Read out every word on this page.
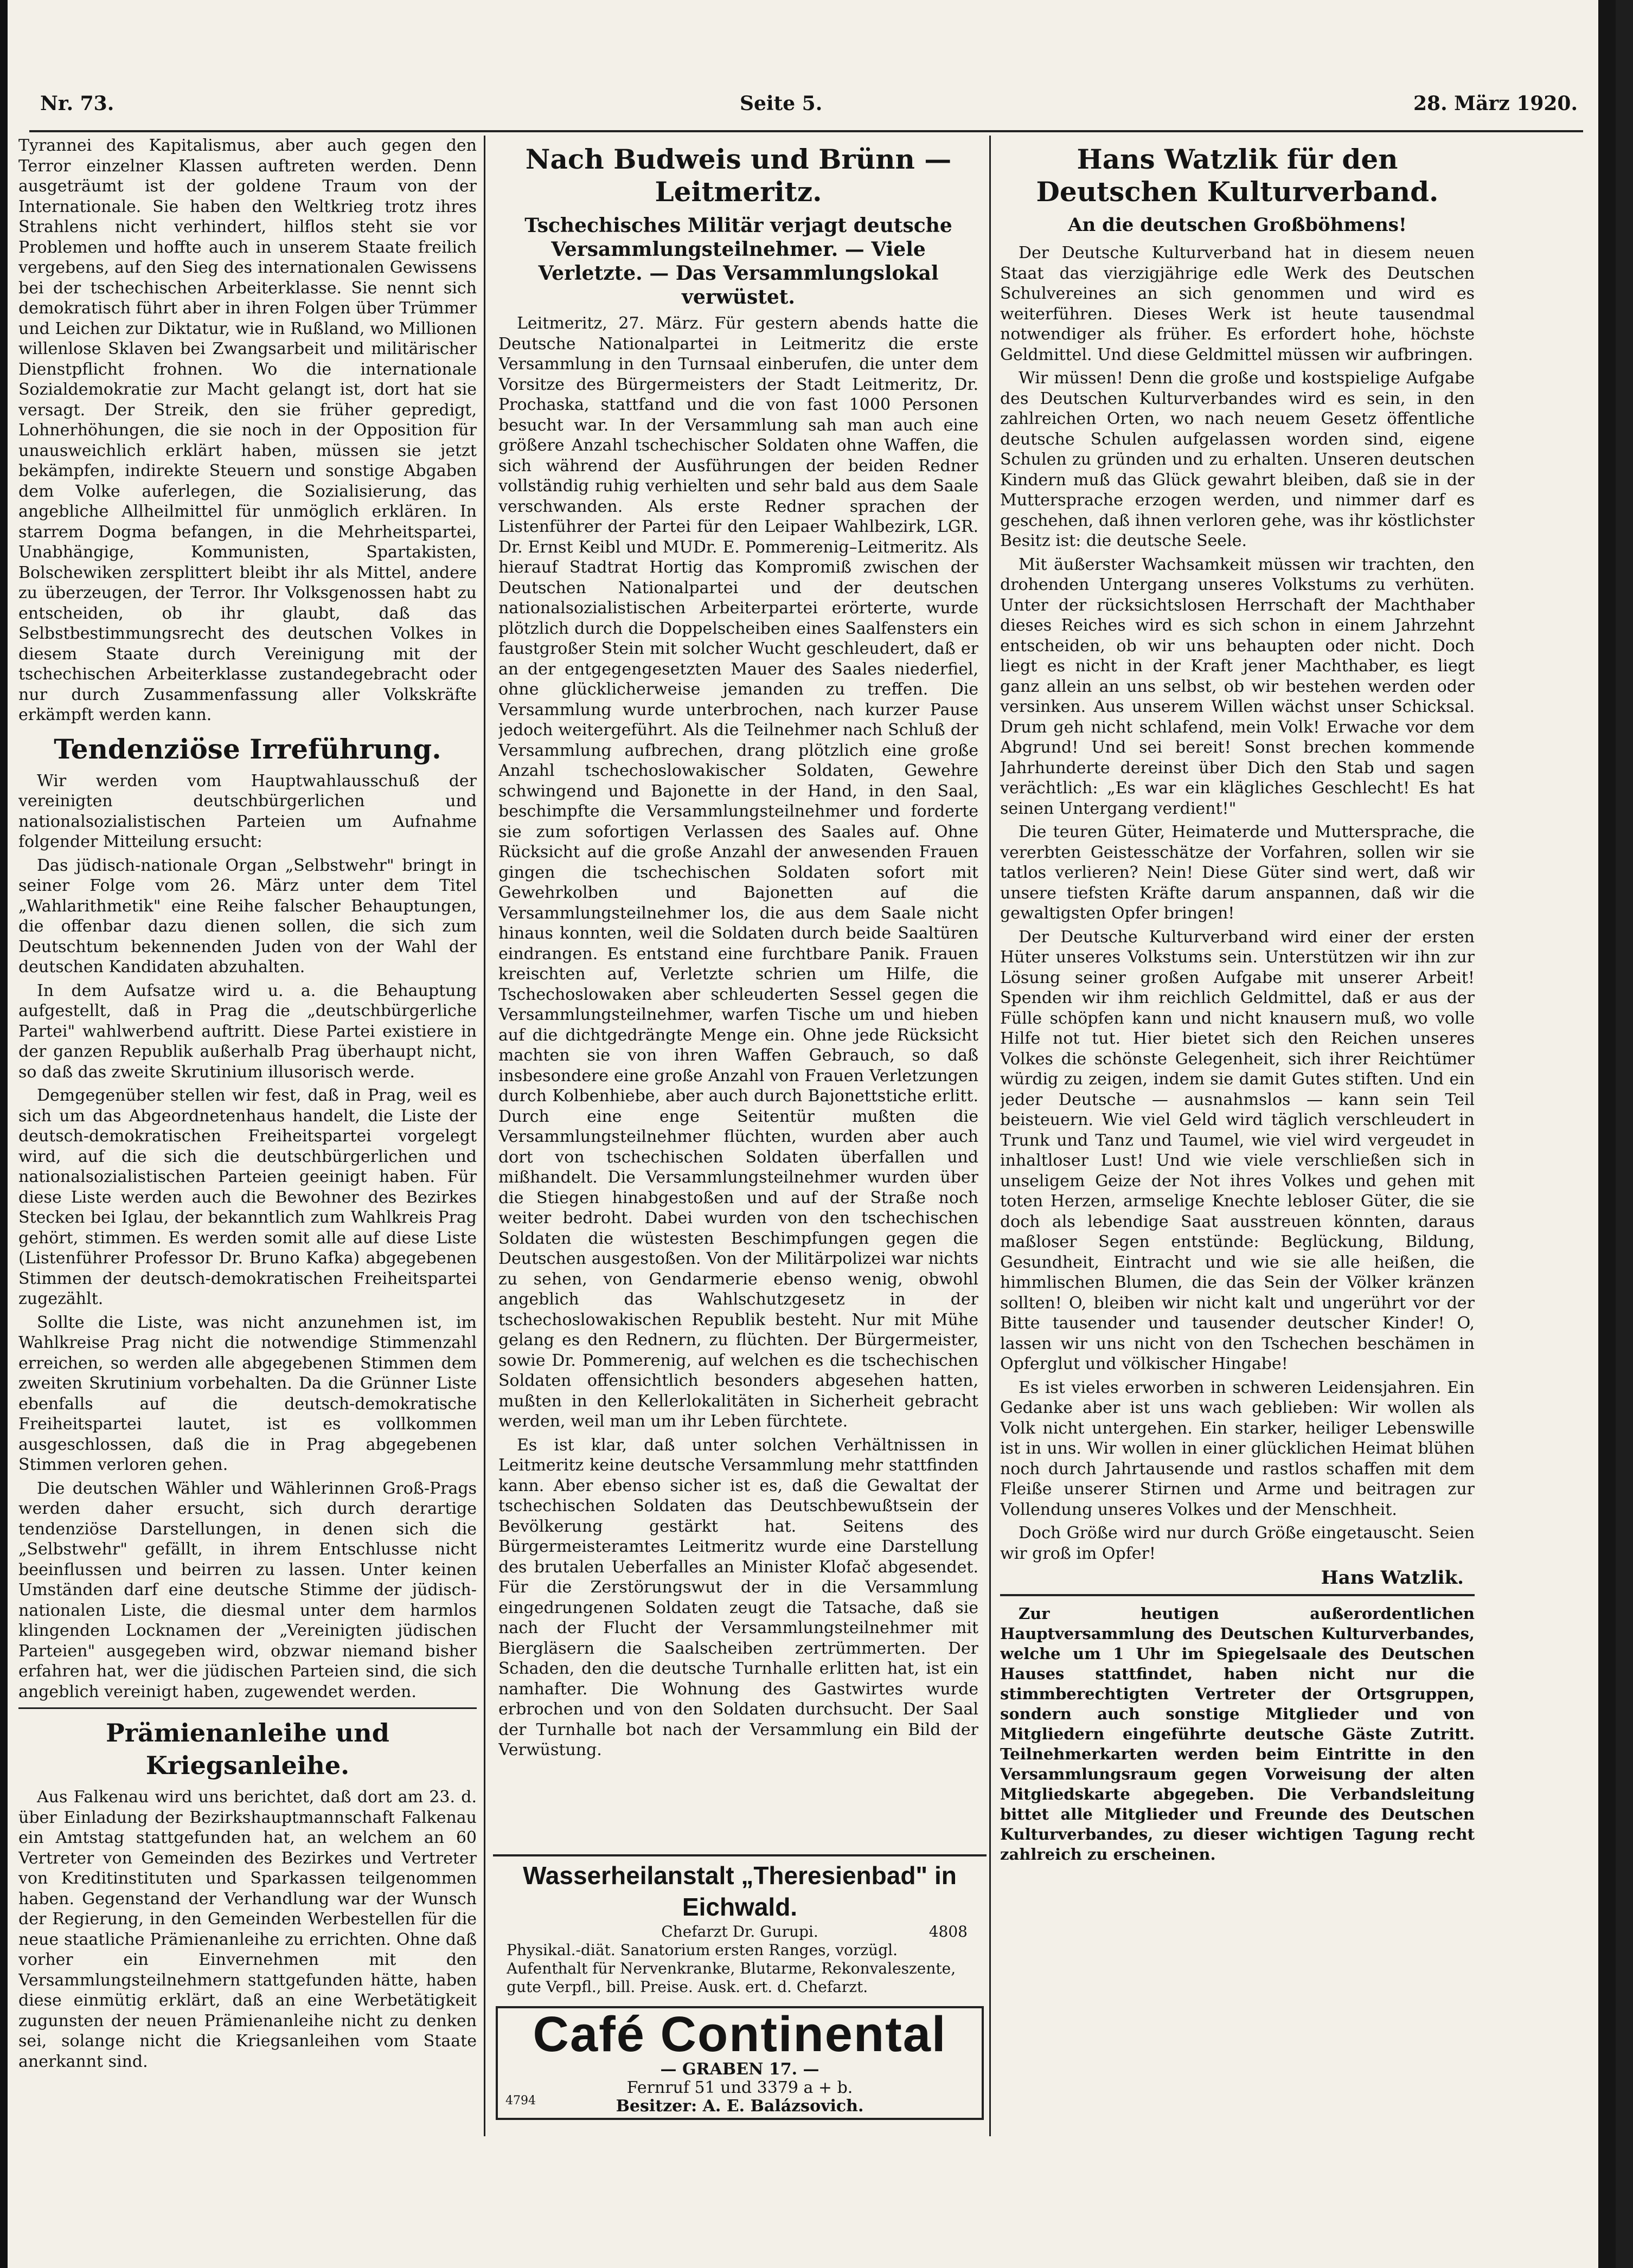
Nr. 73.	Seite 5.	28. März 1920.

Tyrannei des Kapitalismus, aber auch gegen den Terror einzelner Klassen auftreten werden. Denn ausgeträumt ist der goldene Traum von der Internationale. Sie haben den Weltkrieg trotz ihres Strahlens nicht verhindert, hilflos steht sie vor Problemen und hoffte auch in unserem Staate freilich vergebens, auf den Sieg des internationalen Gewissens bei der tschechischen Arbeiterklasse. Sie nennt sich demokratisch führt aber in ihren Folgen über Trümmer und Leichen zur Diktatur, wie in Rußland, wo Millionen willenlose Sklaven bei Zwangsarbeit und militärischer Dienstpflicht frohnen. Wo die internationale Sozialdemokratie zur Macht gelangt ist, dort hat sie versagt. Der Streik, den sie früher gepredigt, Lohnerhöhungen, die sie noch in der Opposition für unausweichlich erklärt haben, müssen sie jetzt bekämpfen, indirekte Steuern und sonstige Abgaben dem Volke auferlegen, die Sozialisierung, das angebliche Allheilmittel für unmöglich erklären. In starrem Dogma befangen, in die Mehrheitspartei, Unabhängige, Kommunisten, Spartakisten, Bolschewiken zersplittert bleibt ihr als Mittel, andere zu überzeugen, der Terror. Ihr Volksgenossen habt zu entscheiden, ob ihr glaubt, daß das Selbstbestimmungsrecht des deutschen Volkes in diesem Staate durch Vereinigung mit der tschechischen Arbeiterklasse zustandegebracht oder nur durch Zusammenfassung aller Volkskräfte erkämpft werden kann.

Tendenziöse Irreführung.

Wir werden vom Hauptwahlausschuß der vereinigten deutschbürgerlichen und nationalsozialistischen Parteien um Aufnahme folgender Mitteilung ersucht:

Das jüdisch-nationale Organ „Selbstwehr" bringt in seiner Folge vom 26. März unter dem Titel „Wahlarithmetik" eine Reihe falscher Behauptungen, die offenbar dazu dienen sollen, die sich zum Deutschtum bekennenden Juden von der Wahl der deutschen Kandidaten abzuhalten.

In dem Aufsatze wird u. a. die Behauptung aufgestellt, daß in Prag die „deutschbürgerliche Partei" wahlwerbend auftritt. Diese Partei existiere in der ganzen Republik außerhalb Prag überhaupt nicht, so daß das zweite Skrutinium illusorisch werde.

Demgegenüber stellen wir fest, daß in Prag, weil es sich um das Abgeordnetenhaus handelt, die Liste der deutsch-demokratischen Freiheitspartei vorgelegt wird, auf die sich die deutschbürgerlichen und nationalsozialistischen Parteien geeinigt haben. Für diese Liste werden auch die Bewohner des Bezirkes Stecken bei Iglau, der bekanntlich zum Wahlkreis Prag gehört, stimmen. Es werden somit alle auf diese Liste (Listenführer Professor Dr. Bruno Kafka) abgegebenen Stimmen der deutsch-demokratischen Freiheitspartei zugezählt.

Sollte die Liste, was nicht anzunehmen ist, im Wahlkreise Prag nicht die notwendige Stimmenzahl erreichen, so werden alle abgegebenen Stimmen dem zweiten Skrutinium vorbehalten. Da die Grünner Liste ebenfalls auf die deutsch-demokratische Freiheitspartei lautet, ist es vollkommen ausgeschlossen, daß die in Prag abgegebenen Stimmen verloren gehen.

Die deutschen Wähler und Wählerinnen Groß-Prags werden daher ersucht, sich durch derartige tendenziöse Darstellungen, in denen sich die „Selbstwehr" gefällt, in ihrem Entschlusse nicht beeinflussen und beirren zu lassen. Unter keinen Umständen darf eine deutsche Stimme der jüdisch-nationalen Liste, die diesmal unter dem harmlos klingenden Locknamen der „Vereinigten jüdischen Parteien" ausgegeben wird, obzwar niemand bisher erfahren hat, wer die jüdischen Parteien sind, die sich angeblich vereinigt haben, zugewendet werden.

Prämienanleihe und Kriegsanleihe.

Aus Falkenau wird uns berichtet, daß dort am 23. d. über Einladung der Bezirkshauptmannschaft Falkenau ein Amtstag stattgefunden hat, an welchem an 60 Vertreter von Gemeinden des Bezirkes und Vertreter von Kreditinstituten und Sparkassen teilgenommen haben. Gegenstand der Verhandlung war der Wunsch der Regierung, in den Gemeinden Werbestellen für die neue staatliche Prämienanleihe zu errichten. Ohne daß vorher ein Einvernehmen mit den Versammlungsteilnehmern stattgefunden hätte, haben diese einmütig erklärt, daß an eine Werbetätigkeit zugunsten der neuen Prämienanleihe nicht zu denken sei, solange nicht die Kriegsanleihen vom Staate anerkannt sind.

Nach Budweis und Brünn — Leitmeritz.
Tschechisches Militär verjagt deutsche Versammlungsteilnehmer. — Viele Verletzte. — Das Versammlungslokal verwüstet.

Leitmeritz, 27. März. Für gestern abends hatte die Deutsche Nationalpartei in Leitmeritz die erste Versammlung in den Turnsaal einberufen, die unter dem Vorsitze des Bürgermeisters der Stadt Leitmeritz, Dr. Prochaska, stattfand und die von fast 1000 Personen besucht war. In der Versammlung sah man auch eine größere Anzahl tschechischer Soldaten ohne Waffen, die sich während der Ausführungen der beiden Redner vollständig ruhig verhielten und sehr bald aus dem Saale verschwanden. Als erste Redner sprachen der Listenführer der Partei für den Leipaer Wahlbezirk, LGR. Dr. Ernst Keibl und MUDr. E. Pommerenig–Leitmeritz. Als hierauf Stadtrat Hortig das Kompromiß zwischen der Deutschen Nationalpartei und der deutschen nationalsozialistischen Arbeiterpartei erörterte, wurde plötzlich durch die Doppelscheiben eines Saalfensters ein faustgroßer Stein mit solcher Wucht geschleudert, daß er an der entgegengesetzten Mauer des Saales niederfiel, ohne glücklicherweise jemanden zu treffen. Die Versammlung wurde unterbrochen, nach kurzer Pause jedoch weitergeführt. Als die Teilnehmer nach Schluß der Versammlung aufbrechen, drang plötzlich eine große Anzahl tschechoslowakischer Soldaten, Gewehre schwingend und Bajonette in der Hand, in den Saal, beschimpfte die Versammlungsteilnehmer und forderte sie zum sofortigen Verlassen des Saales auf. Ohne Rücksicht auf die große Anzahl der anwesenden Frauen gingen die tschechischen Soldaten sofort mit Gewehrkolben und Bajonetten auf die Versammlungsteilnehmer los, die aus dem Saale nicht hinaus konnten, weil die Soldaten durch beide Saaltüren eindrangen. Es entstand eine furchtbare Panik. Frauen kreischten auf, Verletzte schrien um Hilfe, die Tschechoslowaken aber schleuderten Sessel gegen die Versammlungsteilnehmer, warfen Tische um und hieben auf die dichtgedrängte Menge ein. Ohne jede Rücksicht machten sie von ihren Waffen Gebrauch, so daß insbesondere eine große Anzahl von Frauen Verletzungen durch Kolbenhiebe, aber auch durch Bajonettstiche erlitt. Durch eine enge Seitentür mußten die Versammlungsteilnehmer flüchten, wurden aber auch dort von tschechischen Soldaten überfallen und mißhandelt. Die Versammlungsteilnehmer wurden über die Stiegen hinabgestoßen und auf der Straße noch weiter bedroht. Dabei wurden von den tschechischen Soldaten die wüstesten Beschimpfungen gegen die Deutschen ausgestoßen. Von der Militärpolizei war nichts zu sehen, von Gendarmerie ebenso wenig, obwohl angeblich das Wahlschutzgesetz in der tschechoslowakischen Republik besteht. Nur mit Mühe gelang es den Rednern, zu flüchten. Der Bürgermeister, sowie Dr. Pommerenig, auf welchen es die tschechischen Soldaten offensichtlich besonders abgesehen hatten, mußten in den Kellerlokalitäten in Sicherheit gebracht werden, weil man um ihr Leben fürchtete.

Es ist klar, daß unter solchen Verhältnissen in Leitmeritz keine deutsche Versammlung mehr stattfinden kann. Aber ebenso sicher ist es, daß die Gewaltat der tschechischen Soldaten das Deutschbewußtsein der Bevölkerung gestärkt hat. Seitens des Bürgermeisteramtes Leitmeritz wurde eine Darstellung des brutalen Ueberfalles an Minister Klofač abgesendet. Für die Zerstörungswut der in die Versammlung eingedrungenen Soldaten zeugt die Tatsache, daß sie nach der Flucht der Versammlungsteilnehmer mit Biergläsern die Saalscheiben zertrümmerten. Der Schaden, den die deutsche Turnhalle erlitten hat, ist ein namhafter. Die Wohnung des Gastwirtes wurde erbrochen und von den Soldaten durchsucht. Der Saal der Turnhalle bot nach der Versammlung ein Bild der Verwüstung.

Wasserheilanstalt „Theresienbad" in Eichwald.
Chefarzt Dr. Gurupi.	4808
Physikal.-diät. Sanatorium ersten Ranges, vorzügl.
Aufenthalt für Nervenkranke, Blutarme, Rekonvaleszente, gute Verpfl., bill. Preise. Ausk. ert. d. Chefarzt.
Café Continental
— GRABEN 17. —
Fernruf 51 und 3379 a + b.
Besitzer: A. E. Balázsovich.
4794
Hans Watzlik für den Deutschen Kulturverband.
An die deutschen Großböhmens!

Der Deutsche Kulturverband hat in diesem neuen Staat das vierzigjährige edle Werk des Deutschen Schulvereines an sich genommen und wird es weiterführen. Dieses Werk ist heute tausendmal notwendiger als früher. Es erfordert hohe, höchste Geldmittel. Und diese Geldmittel müssen wir aufbringen.

Wir müssen! Denn die große und kostspielige Aufgabe des Deutschen Kulturverbandes wird es sein, in den zahlreichen Orten, wo nach neuem Gesetz öffentliche deutsche Schulen aufgelassen worden sind, eigene Schulen zu gründen und zu erhalten. Unseren deutschen Kindern muß das Glück gewahrt bleiben, daß sie in der Muttersprache erzogen werden, und nimmer darf es geschehen, daß ihnen verloren gehe, was ihr köstlichster Besitz ist: die deutsche Seele.

Mit äußerster Wachsamkeit müssen wir trachten, den drohenden Untergang unseres Volkstums zu verhüten. Unter der rücksichtslosen Herrschaft der Machthaber dieses Reiches wird es sich schon in einem Jahrzehnt entscheiden, ob wir uns behaupten oder nicht. Doch liegt es nicht in der Kraft jener Machthaber, es liegt ganz allein an uns selbst, ob wir bestehen werden oder versinken. Aus unserem Willen wächst unser Schicksal. Drum geh nicht schlafend, mein Volk! Erwache vor dem Abgrund! Und sei bereit! Sonst brechen kommende Jahrhunderte dereinst über Dich den Stab und sagen verächtlich: „Es war ein klägliches Geschlecht! Es hat seinen Untergang verdient!"

Die teuren Güter, Heimaterde und Muttersprache, die vererbten Geistesschätze der Vorfahren, sollen wir sie tatlos verlieren? Nein! Diese Güter sind wert, daß wir unsere tiefsten Kräfte darum anspannen, daß wir die gewaltigsten Opfer bringen!

Der Deutsche Kulturverband wird einer der ersten Hüter unseres Volkstums sein. Unterstützen wir ihn zur Lösung seiner großen Aufgabe mit unserer Arbeit! Spenden wir ihm reichlich Geldmittel, daß er aus der Fülle schöpfen kann und nicht knausern muß, wo volle Hilfe not tut. Hier bietet sich den Reichen unseres Volkes die schönste Gelegenheit, sich ihrer Reichtümer würdig zu zeigen, indem sie damit Gutes stiften. Und ein jeder Deutsche — ausnahmslos — kann sein Teil beisteuern. Wie viel Geld wird täglich verschleudert in Trunk und Tanz und Taumel, wie viel wird vergeudet in inhaltloser Lust! Und wie viele verschließen sich in unseligem Geize der Not ihres Volkes und gehen mit toten Herzen, armselige Knechte lebloser Güter, die sie doch als lebendige Saat ausstreuen könnten, daraus maßloser Segen entstünde: Beglückung, Bildung, Gesundheit, Eintracht und wie sie alle heißen, die himmlischen Blumen, die das Sein der Völker kränzen sollten! O, bleiben wir nicht kalt und ungerührt vor der Bitte tausender und tausender deutscher Kinder! O, lassen wir uns nicht von den Tschechen beschämen in Opferglut und völkischer Hingabe!

Es ist vieles erworben in schweren Leidensjahren. Ein Gedanke aber ist uns wach geblieben: Wir wollen als Volk nicht untergehen. Ein starker, heiliger Lebenswille ist in uns. Wir wollen in einer glücklichen Heimat blühen noch durch Jahrtausende und rastlos schaffen mit dem Fleiße unserer Stirnen und Arme und beitragen zur Vollendung unseres Volkes und der Menschheit.

Doch Größe wird nur durch Größe eingetauscht. Seien wir groß im Opfer!

Hans Watzlik.

Zur heutigen außerordentlichen Hauptversammlung des Deutschen Kulturverbandes, welche um 1 Uhr im Spiegelsaale des Deutschen Hauses stattfindet, haben nicht nur die stimmberechtigten Vertreter der Ortsgruppen, sondern auch sonstige Mitglieder und von Mitgliedern eingeführte deutsche Gäste Zutritt. Teilnehmerkarten werden beim Eintritte in den Versammlungsraum gegen Vorweisung der alten Mitgliedskarte abgegeben. Die Verbandsleitung bittet alle Mitglieder und Freunde des Deutschen Kulturverbandes, zu dieser wichtigen Tagung recht zahlreich zu erscheinen.
